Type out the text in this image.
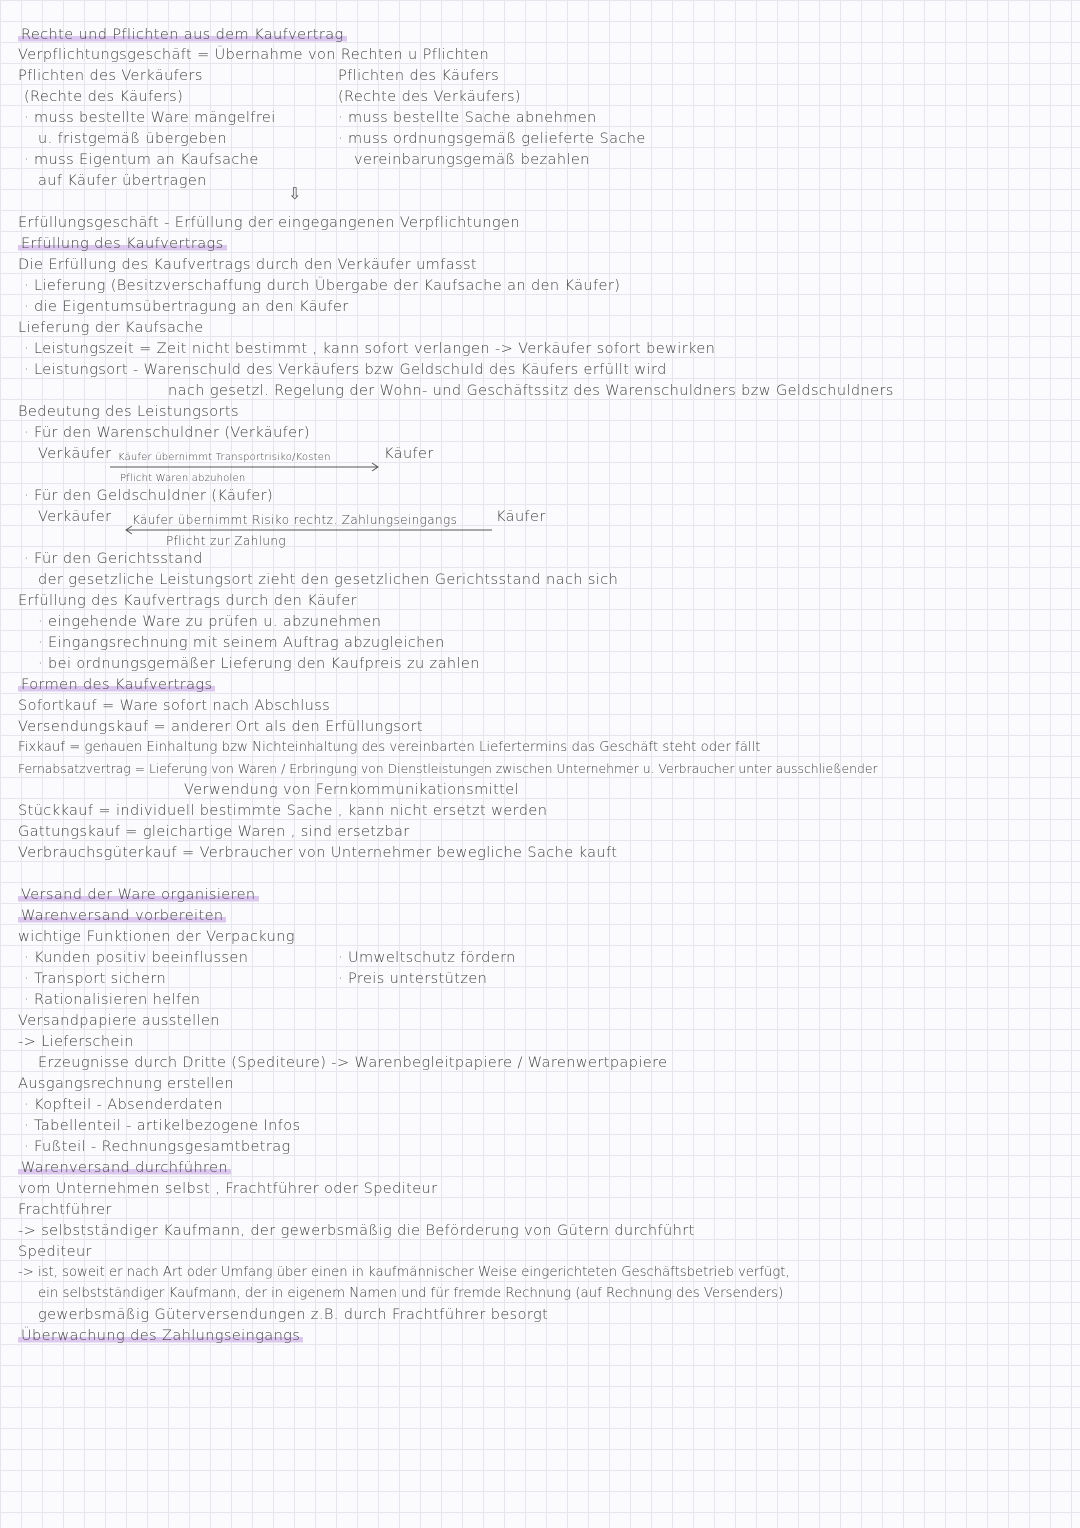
Rechte und Pflichten aus dem Kaufvertrag
Verpflichtungsgeschäft = Übernahme von Rechten u Pflichten
Pflichten des Verkäufers
(Rechte des Käufers)
· muss bestellte Ware mängelfrei
u. fristgemäß übergeben
· muss Eigentum an Kaufsache
auf Käufer übertragen
Pflichten des Käufers
(Rechte des Verkäufers)
· muss bestellte Sache abnehmen
· muss ordnungsgemäß gelieferte Sache
vereinbarungsgemäß bezahlen
⇩
Erfüllungsgeschäft - Erfüllung der eingegangenen Verpflichtungen
Erfüllung des Kaufvertrags
Die Erfüllung des Kaufvertrags durch den Verkäufer umfasst
· Lieferung (Besitzverschaffung durch Übergabe der Kaufsache an den Käufer)
· die Eigentumsübertragung an den Käufer
Lieferung der Kaufsache
· Leistungszeit = Zeit nicht bestimmt , kann sofort verlangen -> Verkäufer sofort bewirken
· Leistungsort - Warenschuld des Verkäufers bzw Geldschuld des Käufers erfüllt wird
nach gesetzl. Regelung der Wohn- und Geschäftssitz des Warenschuldners bzw Geldschuldners
Bedeutung des Leistungsorts
· Für den Warenschuldner (Verkäufer)
Verkäufer Käufer übernimmt Transportrisiko/Kosten	Käufer
Pflicht Waren abzuholen
· Für den Geldschuldner (Käufer)
Verkäufer Käufer übernimmt Risiko rechtz. Zahlungseingangs	Käufer
Pflicht zur Zahlung
· Für den Gerichtsstand
der gesetzliche Leistungsort zieht den gesetzlichen Gerichtsstand nach sich
Erfüllung des Kaufvertrags durch den Käufer
· eingehende Ware zu prüfen u. abzunehmen
· Eingangsrechnung mit seinem Auftrag abzugleichen
· bei ordnungsgemäßer Lieferung den Kaufpreis zu zahlen
Formen des Kaufvertrags
Sofortkauf = Ware sofort nach Abschluss
Versendungskauf = anderer Ort als den Erfüllungsort
Fixkauf = genauen Einhaltung bzw Nichteinhaltung des vereinbarten Liefertermins das Geschäft steht oder fällt
Fernabsatzvertrag = Lieferung von Waren / Erbringung von Dienstleistungen zwischen Unternehmer u. Verbraucher unter ausschließender
Verwendung von Fernkommunikationsmittel
Stückkauf = individuell bestimmte Sache , kann nicht ersetzt werden
Gattungskauf = gleichartige Waren , sind ersetzbar
Verbrauchsgüterkauf = Verbraucher von Unternehmer bewegliche Sache kauft
Versand der Ware organisieren
Warenversand vorbereiten
wichtige Funktionen der Verpackung
· Kunden positiv beeinflussen
· Transport sichern
· Rationalisieren helfen
· Umweltschutz fördern
· Preis unterstützen
Versandpapiere ausstellen
-> Lieferschein
Erzeugnisse durch Dritte (Spediteure) -> Warenbegleitpapiere / Warenwertpapiere
Ausgangsrechnung erstellen
· Kopfteil - Absenderdaten
· Tabellenteil - artikelbezogene Infos
· Fußteil - Rechnungsgesamtbetrag
Warenversand durchführen
vom Unternehmen selbst , Frachtführer oder Spediteur
Frachtführer
-> selbstständiger Kaufmann, der gewerbsmäßig die Beförderung von Gütern durchführt
Spediteur
-> ist, soweit er nach Art oder Umfang über einen in kaufmännischer Weise eingerichteten Geschäftsbetrieb verfügt,
ein selbstständiger Kaufmann, der in eigenem Namen und für fremde Rechnung (auf Rechnung des Versenders)
gewerbsmäßig Güterversendungen z.B. durch Frachtführer besorgt
Überwachung des Zahlungseingangs
